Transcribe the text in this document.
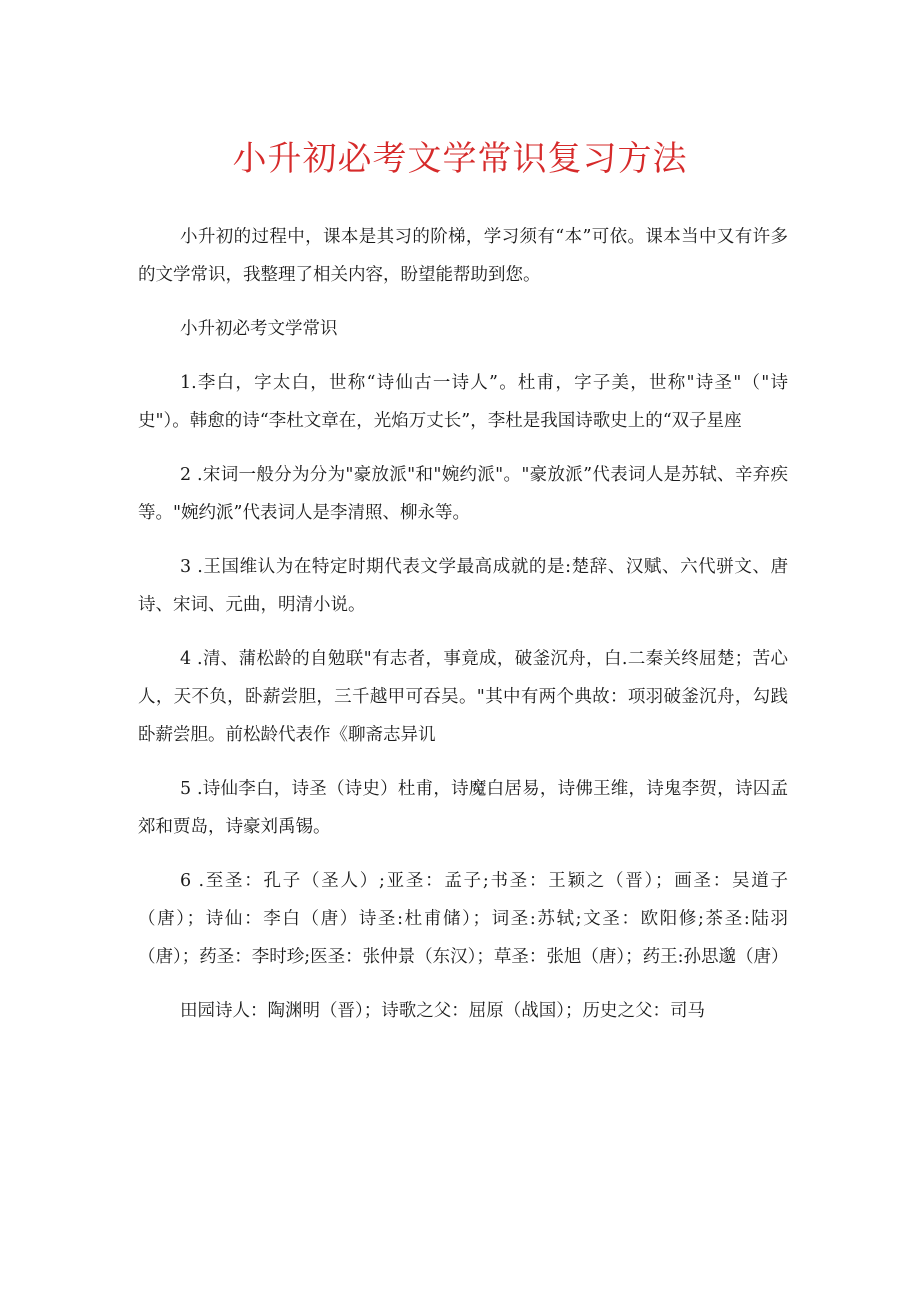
小升初必考文学常识复习方法

小升初的过程中，课本是其习的阶梯，学习须有“本”可依。课本当中又有许多的文学常识，我整理了相关内容，盼望能帮助到您。

小升初必考文学常识

1.李白，字太白，世称“诗仙古一诗人”。杜甫，字子美，世称"诗圣"（"诗史"）。韩愈的诗“李杜文章在，光焰万丈长”，李杜是我国诗歌史上的“双子星座

2 .宋词一般分为分为"豪放派"和"婉约派"。"豪放派”代表词人是苏轼、辛弃疾等。"婉约派”代表词人是李清照、柳永等。

3 .王国维认为在特定时期代表文学最高成就的是:楚辞、汉赋、六代骈文、唐诗、宋词、元曲，明清小说。

4 .清、蒲松龄的自勉联"有志者，事竟成，破釜沉舟，白.二秦关终屈楚；苦心人，天不负，卧薪尝胆，三千越甲可吞吴。"其中有两个典故：项羽破釜沉舟，勾践卧薪尝胆。前松龄代表作《聊斋志异讥

5 .诗仙李白，诗圣（诗史）杜甫，诗魔白居易，诗佛王维，诗鬼李贺，诗囚孟郊和贾岛，诗豪刘禹锡。

6 .至圣：孔子（圣人）;亚圣：孟子;书圣：王颖之（晋）；画圣：吴道子（唐）；诗仙：李白（唐）诗圣:杜甫储）；词圣:苏轼;文圣：欧阳修;茶圣:陆羽（唐）；药圣：李时珍;医圣：张仲景（东汉）；草圣：张旭（唐）；药王:孙思邈（唐）

田园诗人：陶渊明（晋）；诗歌之父：屈原（战国）；历史之父：司马
